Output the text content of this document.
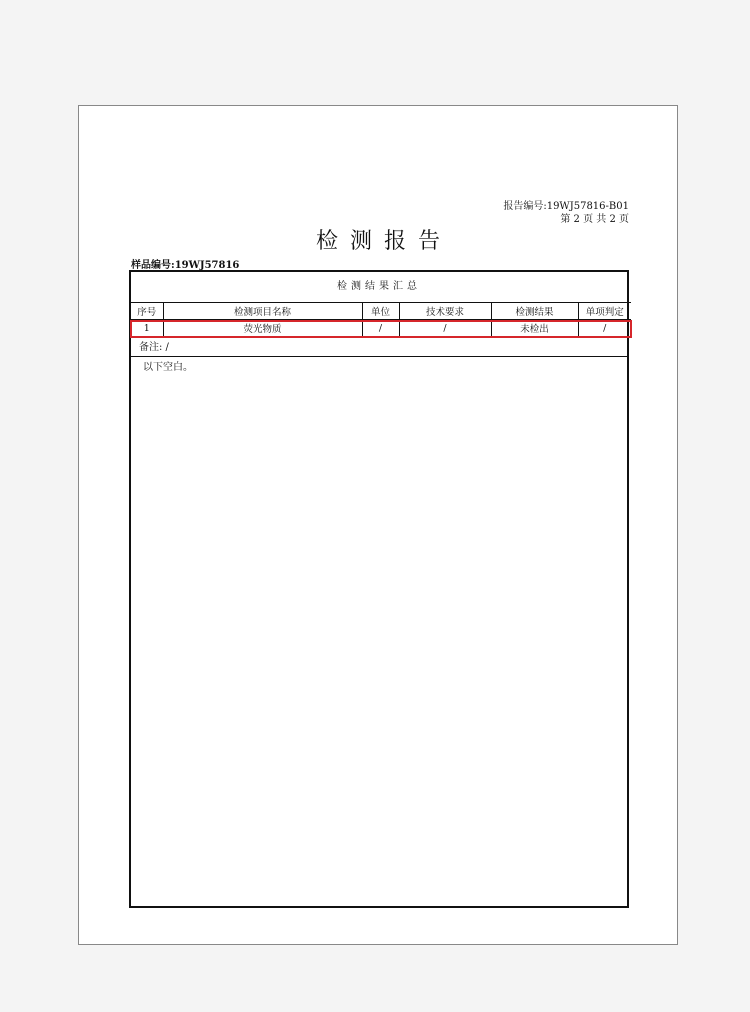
报告编号:19WJ57816-B01
第 2 页 共 2 页
检测报告
样品编号:19WJ57816
检测结果汇总
序号	检测项目名称	单位	技术要求	检测结果	单项判定
1	荧光物质	/	/	未检出	/
备注: /
以下空白。
